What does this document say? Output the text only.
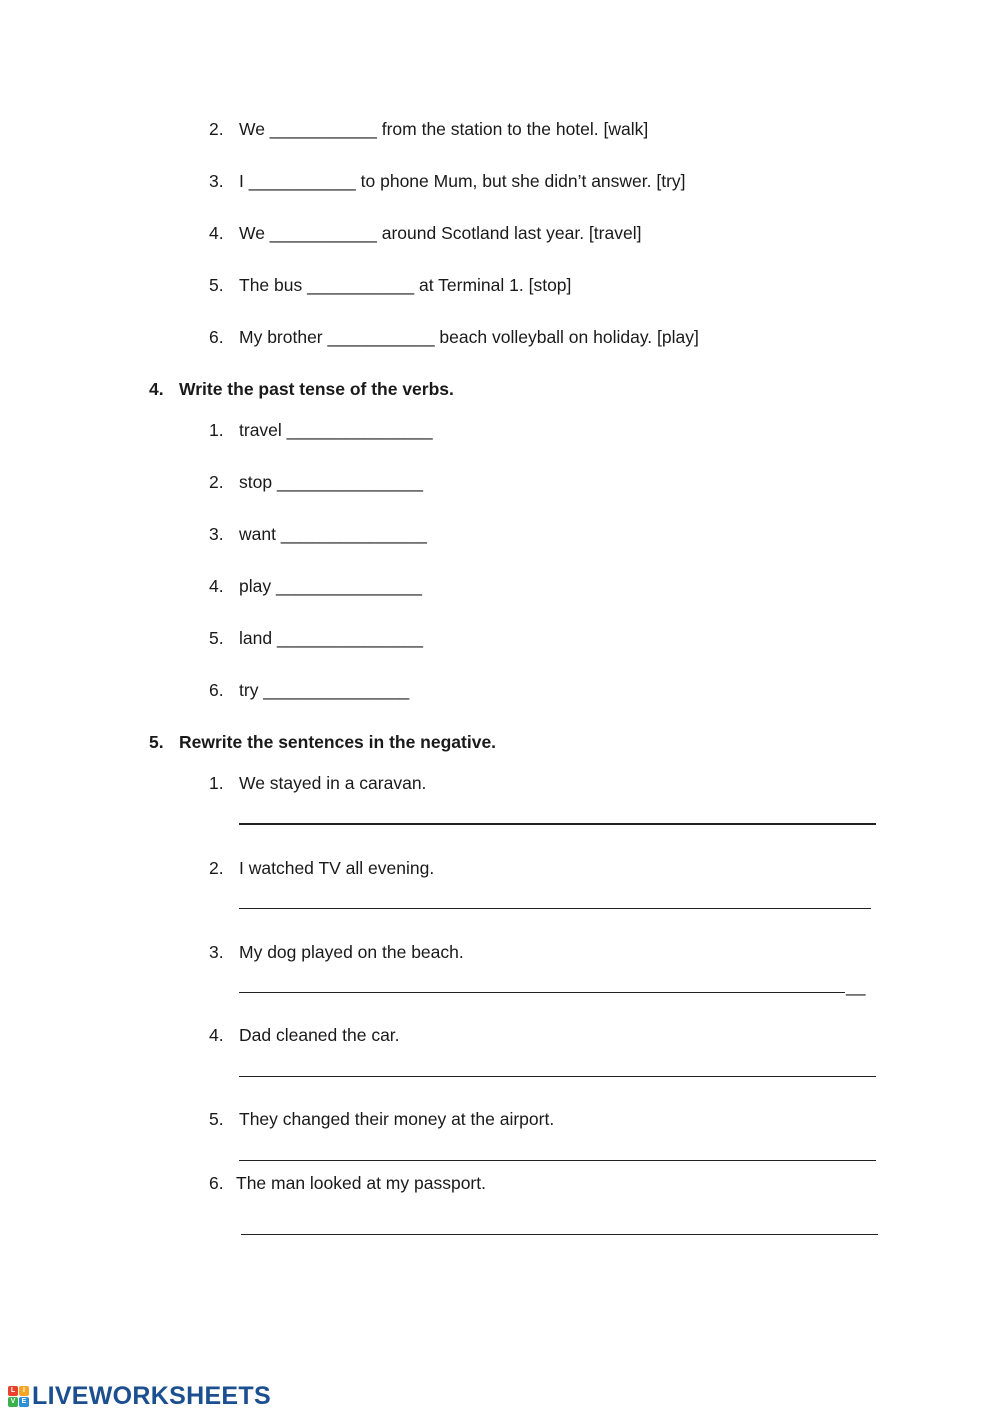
2. We ___________ from the station to the hotel. [walk]
3. I ___________ to phone Mum, but she didn’t answer. [try]
4. We ___________ around Scotland last year. [travel]
5. The bus ___________ at Terminal 1. [stop]
6. My brother ___________ beach volleyball on holiday. [play]
4. Write the past tense of the verbs.
1. travel _______________
2. stop _______________
3. want _______________
4. play _______________
5. land _______________
6. try _______________
5. Rewrite the sentences in the negative.
1. We stayed in a caravan.
2. I watched TV all evening.
3. My dog played on the beach.
__
4. Dad cleaned the car.
5. They changed their money at the airport.
6. The man looked at my passport.
L	I
V E LIVEWORKSHEETS
